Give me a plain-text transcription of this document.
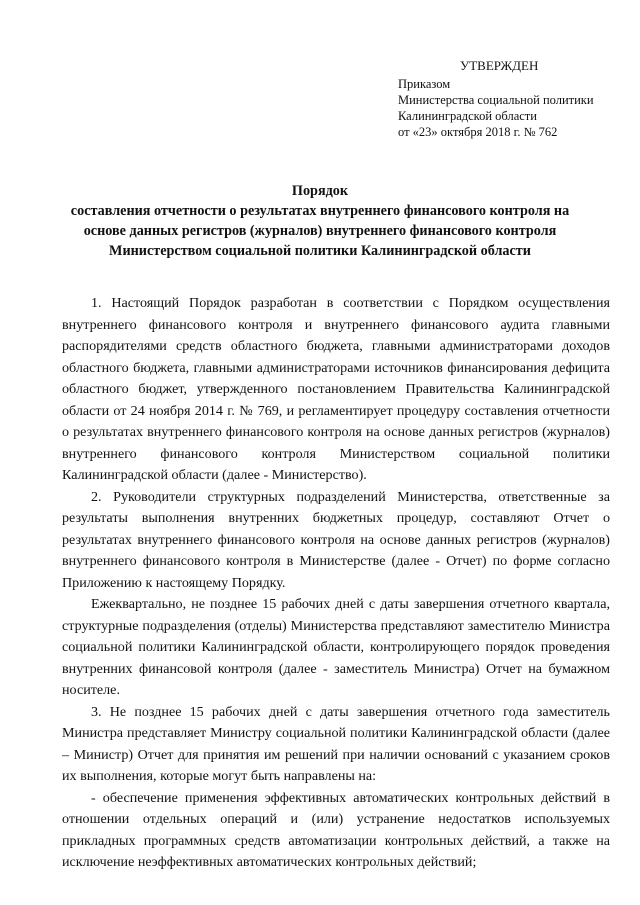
УТВЕРЖДЕН
Приказом
Министерства социальной политики
Калининградской области
от «23» октября 2018 г. № 762
Порядок
составления отчетности о результатах внутреннего финансового контроля на
основе данных регистров (журналов) внутреннего финансового контроля
Министерством социальной политики Калининградской области

1. Настоящий Порядок разработан в соответствии с Порядком осуществления внутреннего финансового контроля и внутреннего финансового аудита главными распорядителями средств областного бюджета, главными администраторами доходов областного бюджета, главными администраторами источников финансирования дефицита областного бюджет, утвержденного постановлением Правительства Калининградской области от 24 ноября 2014 г. № 769, и регламентирует процедуру составления отчетности о результатах внутреннего финансового контроля на основе данных регистров (журналов) внутреннего финансового контроля Министерством социальной политики Калининградской области (далее - Министерство).

2. Руководители структурных подразделений Министерства, ответственные за результаты выполнения внутренних бюджетных процедур, составляют Отчет о результатах внутреннего финансового контроля на основе данных регистров (журналов) внутреннего финансового контроля в Министерстве (далее - Отчет) по форме согласно Приложению к настоящему Порядку.

Ежеквартально, не позднее 15 рабочих дней с даты завершения отчетного квартала, структурные подразделения (отделы) Министерства представляют заместителю Министра социальной политики Калининградской области, контролирующего порядок проведения внутренних финансовой контроля (далее - заместитель Министра) Отчет на бумажном носителе.

3. Не позднее 15 рабочих дней с даты завершения отчетного года заместитель Министра представляет Министру социальной политики Калининградской области (далее – Министр) Отчет для принятия им решений при наличии оснований с указанием сроков их выполнения, которые могут быть направлены на:

- обеспечение применения эффективных автоматических контрольных действий в отношении отдельных операций и (или) устранение недостатков используемых прикладных программных средств автоматизации контрольных действий, а также на исключение неэффективных автоматических контрольных действий;
